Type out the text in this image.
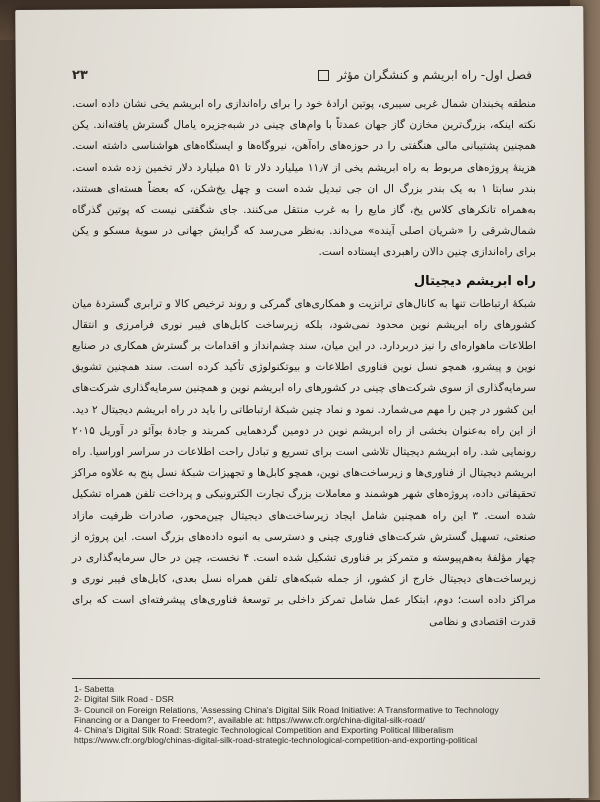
فصل اول- راه ابریشم و کنشگران مؤثر
۲۳

منطقه پخبندان شمال غربی سیبری، پوتین ارادهٔ خود را برای راه‌اندازی راه ابریشم یخی نشان داده است. نکته اینکه، بزرگ‌ترین مخازن گاز جهان عمدتاً با وام‌های چینی در شبه‌جزیره یامال گسترش یافته‌اند. یکن همچنین پشتیبانی مالی هنگفتی را در حوزه‌های راه‌آهن، نیروگاه‌ها و ایستگاه‌های هواشناسی داشته است. هزینهٔ پروژه‌های مربوط به راه ابریشم یخی از ۱۱٫۷ میلیارد دلار تا ۵۱ میلیارد دلار تخمین زده شده است. بندر سابتا ۱ به یک بندر بزرگ ال ان جی تبدیل شده است و چهل یخ‌شکن، که بعضاً هسته‌ای هستند، به‌همراه تانکرهای کلاس یخ، گاز مایع را به غرب منتقل می‌کنند. جای شگفتی نیست که پوتین گذرگاه شمال‌شرقی را «شریان اصلی آینده» می‌داند. به‌نظر می‌رسد که گرایش جهانی در سویهٔ مسکو و یکن برای راه‌اندازی چنین دالان راهبردی ایستاده است.

راه ابریشم دیجیتال

شبکهٔ ارتباطات تنها به کانال‌های ترانزیت و همکاری‌های گمرکی و روند ترخیص کالا و ترابری گستردهٔ میان کشورهای راه ابریشم نوین محدود نمی‌شود، بلکه زیرساخت کابل‌های فیبر نوری فرامرزی و انتقال اطلاعات ماهواره‌ای را نیز دربردارد. در این میان، سند چشم‌انداز و اقدامات بر گسترش همکاری در صنایع نوین و پیشرو، همچو نسل نوین فناوری اطلاعات و بیوتکنولوژی تأکید کرده است. سند همچنین تشویق سرمایه‌گذاری از سوی شرکت‌های چینی در کشورهای راه ابریشم نوین و همچنین سرمایه‌گذاری شرکت‌های این کشور در چین را مهم می‌شمارد. نمود و نماد چنین شبکهٔ ارتباطاتی را باید در راه ابریشم دیجیتال ۲ دید. از این راه به‌عنوان بخشی از راه ابریشم نوین در دومین گردهمایی کمربند و جادهٔ بوآئو در آوریل ۲۰۱۵ رونمایی شد. راه ابریشم دیجیتال تلاشی است برای تسریع و تبادل راحت اطلاعات در سراسر اوراسیا. راه ابریشم دیجیتال از فناوری‌ها و زیرساخت‌های نوین، همچو کابل‌ها و تجهیزات شبکهٔ نسل پنج به علاوه مراکز تحقیقاتی داده، پروژه‌های شهر هوشمند و معاملات بزرگ تجارت الکترونیکی و پرداخت تلفن همراه تشکیل شده است. ۳ این راه همچنین شامل ایجاد زیرساخت‌های دیجیتال چین‌محور، صادرات ظرفیت مازاد صنعتی، تسهیل گسترش شرکت‌های فناوری چینی و دسترسی به انبوه داده‌های بزرگ است. این پروژه از چهار مؤلفهٔ به‌هم‌پیوسته و متمرکز بر فناوری تشکیل شده است. ۴ نخست، چین در حال سرمایه‌گذاری در زیرساخت‌های دیجیتال خارج از کشور، از جمله شبکه‌های تلفن همراه نسل بعدی، کابل‌های فیبر نوری و مراکز داده است؛ دوم، ابتکار عمل شامل تمرکز داخلی بر توسعهٔ فناوری‌های پیشرفته‌ای است که برای قدرت اقتصادی و نظامی

1- Sabetta
2- Digital Silk Road - DSR
3- Council on Foreign Relations, 'Assessing China's Digital Silk Road Initiative: A Transformative to Technology
Financing or a Danger to Freedom?', available at: https://www.cfr.org/china-digital-silk-road/
4- China's Digital Silk Road: Strategic Technological Competition and Exporting Political Illiberalism
https://www.cfr.org/blog/chinas-digital-silk-road-strategic-technological-competition-and-exporting-political
